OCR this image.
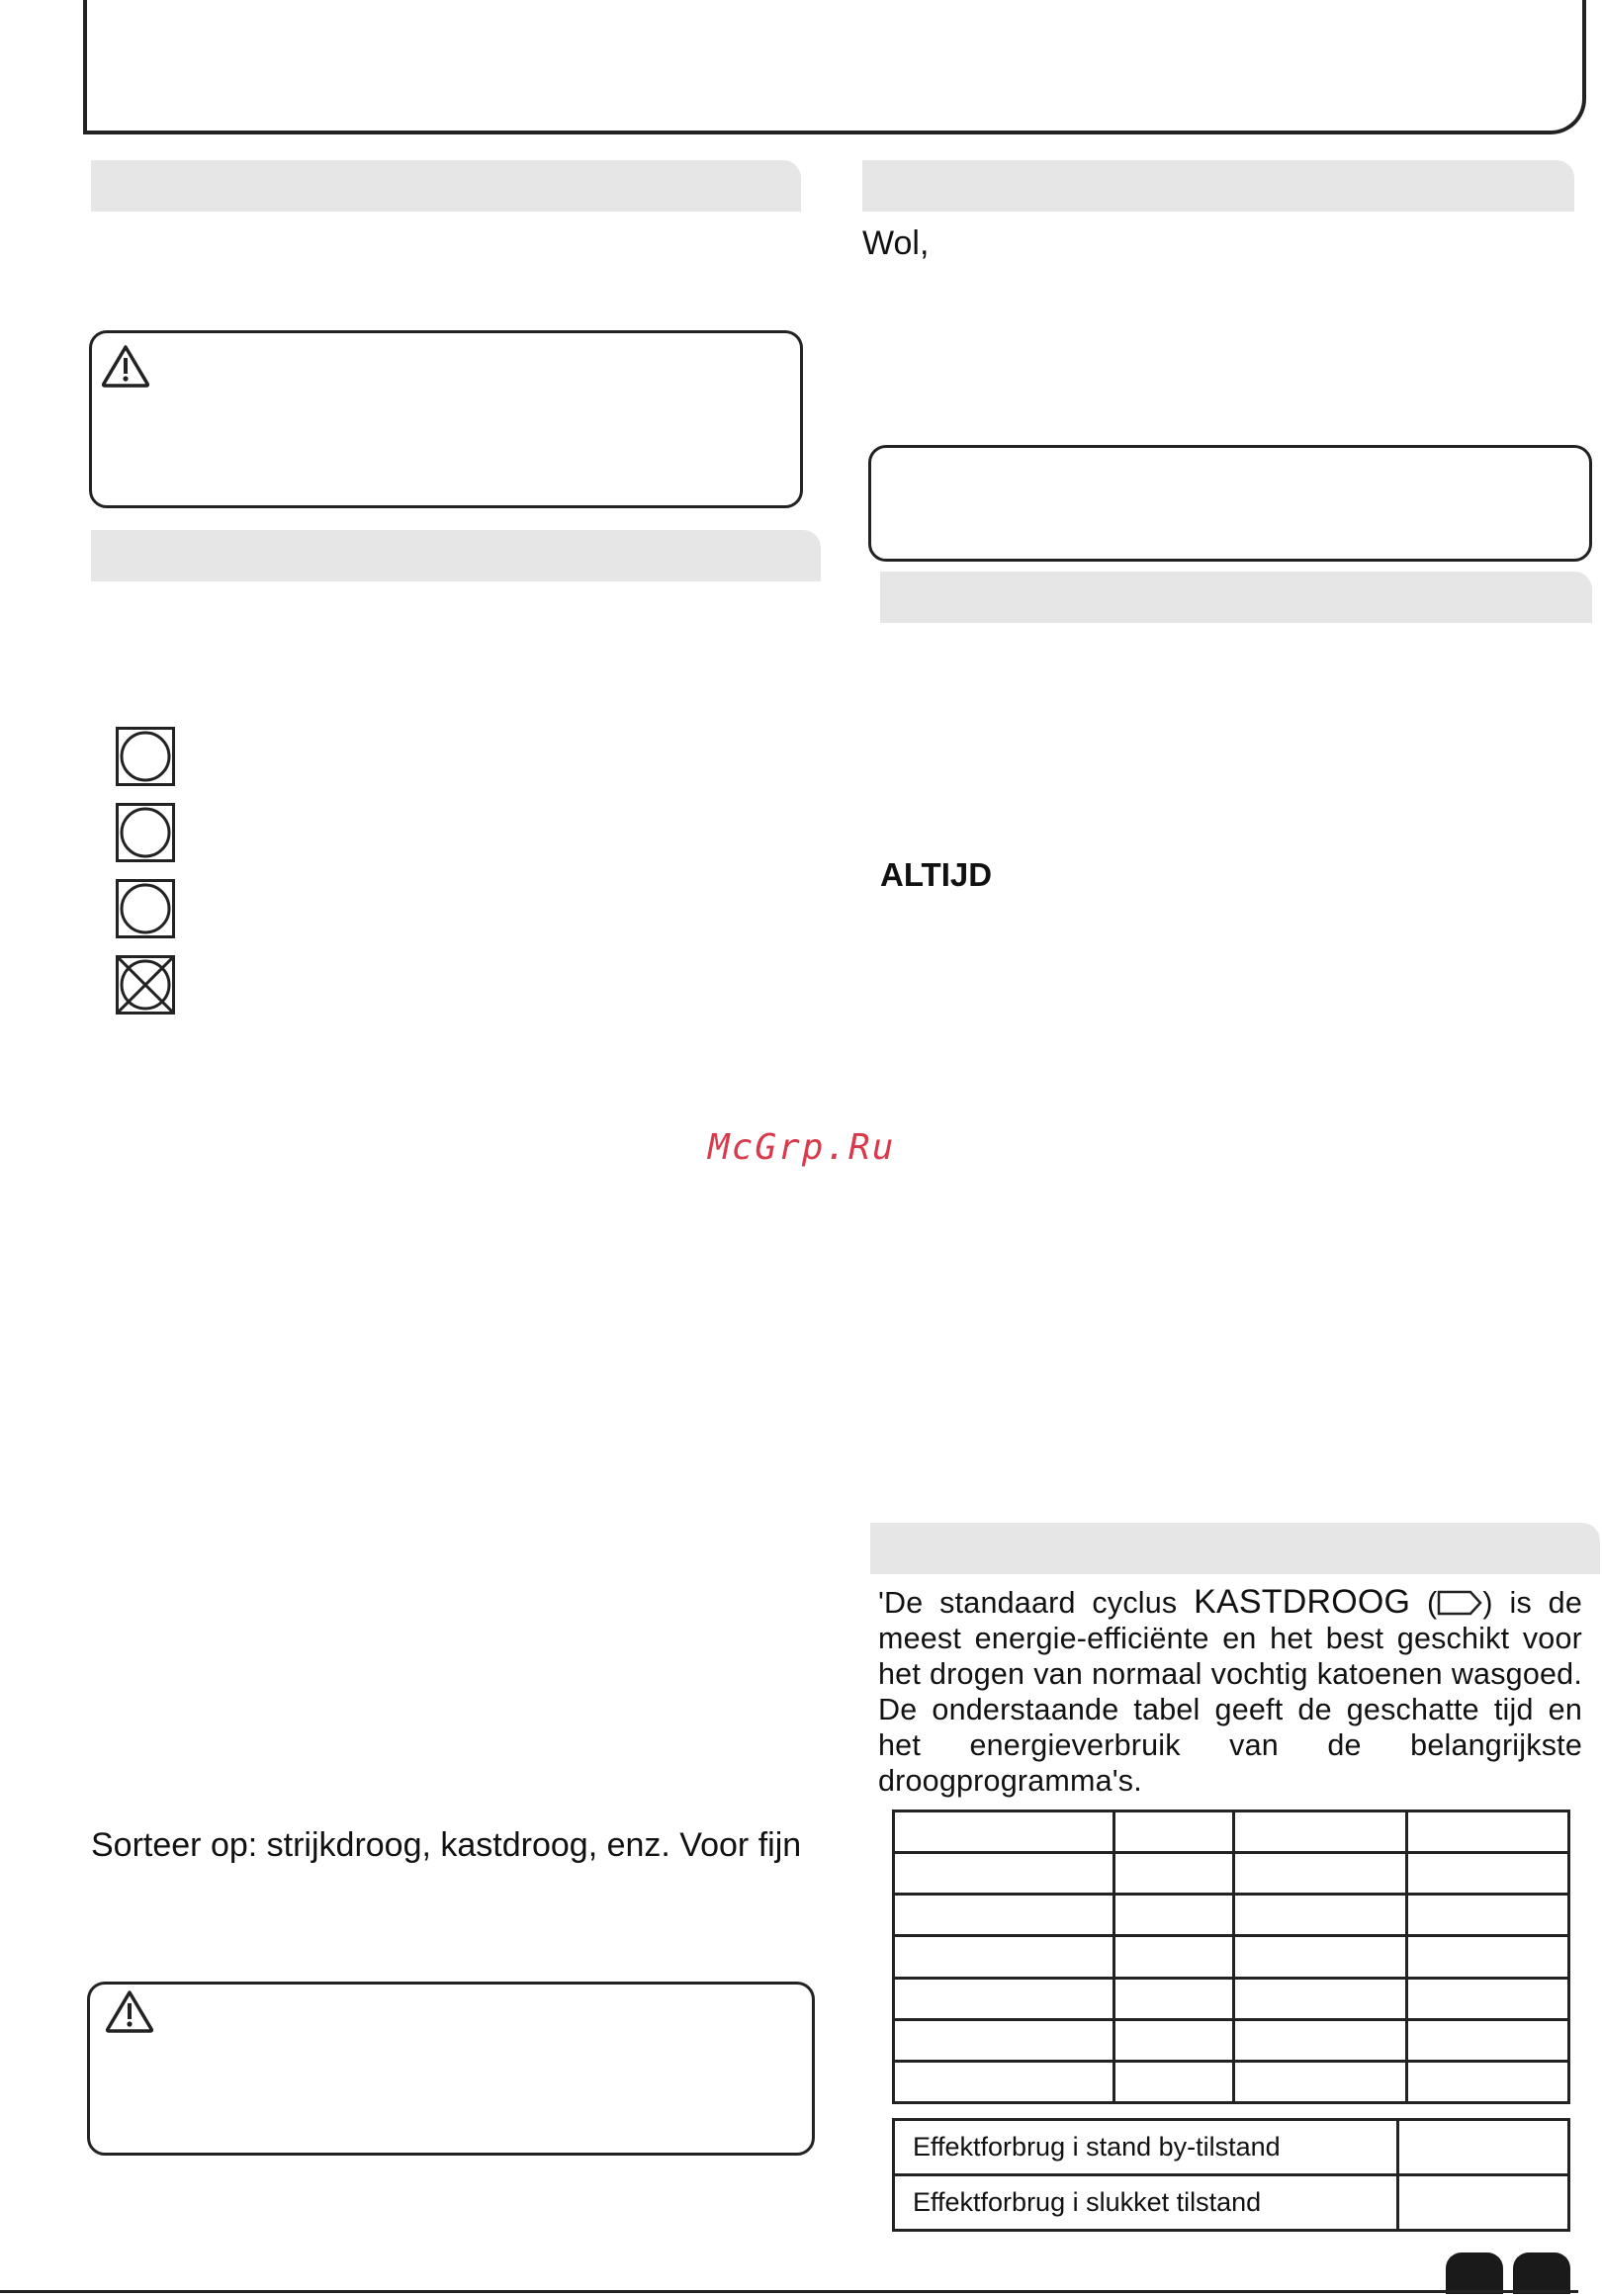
Sorteer op: strijkdroog, kastdroog, enz. Voor fijn
Wol,
ALTIJD
McGrp.Ru
'De standaard cyclus KASTDROOG ( ) is de meest energie-efficiënte en het best geschikt voor het drogen van normaal vochtig katoenen wasgoed. De onderstaande tabel geeft de geschatte tijd en het energieverbruik van de belangrijkste droogprogramma's.

Effektforbrug i stand by-tilstand	
Effektforbrug i slukket tilstand	
